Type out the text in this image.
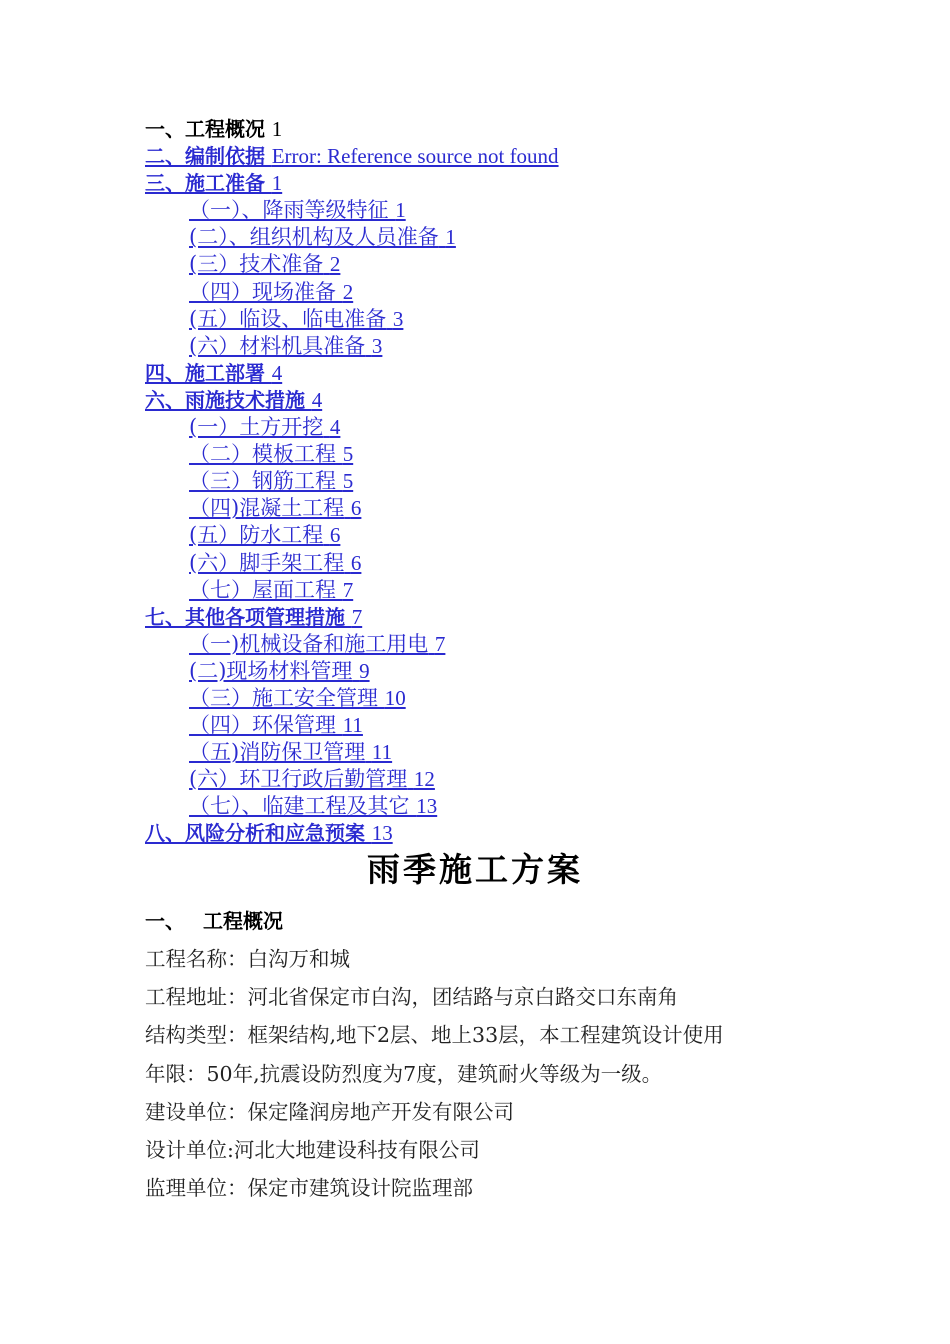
一、工程概况 1
二、编制依据 Error: Reference source not found
三、施工准备 1
（一）、降雨等级特征 1
(二）、组织机构及人员准备 1
(三）技术准备 2
（四）现场准备 2
(五）临设、临电准备 3
(六）材料机具准备 3
四、施工部署 4
六、雨施技术措施 4
(一）土方开挖 4
（二）模板工程 5
（三）钢筋工程 5
（四)混凝土工程 6
(五）防水工程 6
(六）脚手架工程 6
（七）屋面工程 7
七、其他各项管理措施 7
（一)机械设备和施工用电 7
(二)现场材料管理 9
（三）施工安全管理 10
（四）环保管理 11
（五)消防保卫管理 11
(六）环卫行政后勤管理 12
（七）、临建工程及其它 13
八、风险分析和应急预案 13
雨季施工方案
一、 工程概况
工程名称：白沟万和城
工程地址：河北省保定市白沟，团结路与京白路交口东南角
结构类型：框架结构,地下2层、地上33层，本工程建筑设计使用
年限：50年,抗震设防烈度为7度，建筑耐火等级为一级。
建设单位：保定隆润房地产开发有限公司
设计单位:河北大地建设科技有限公司
监理单位：保定市建筑设计院监理部
